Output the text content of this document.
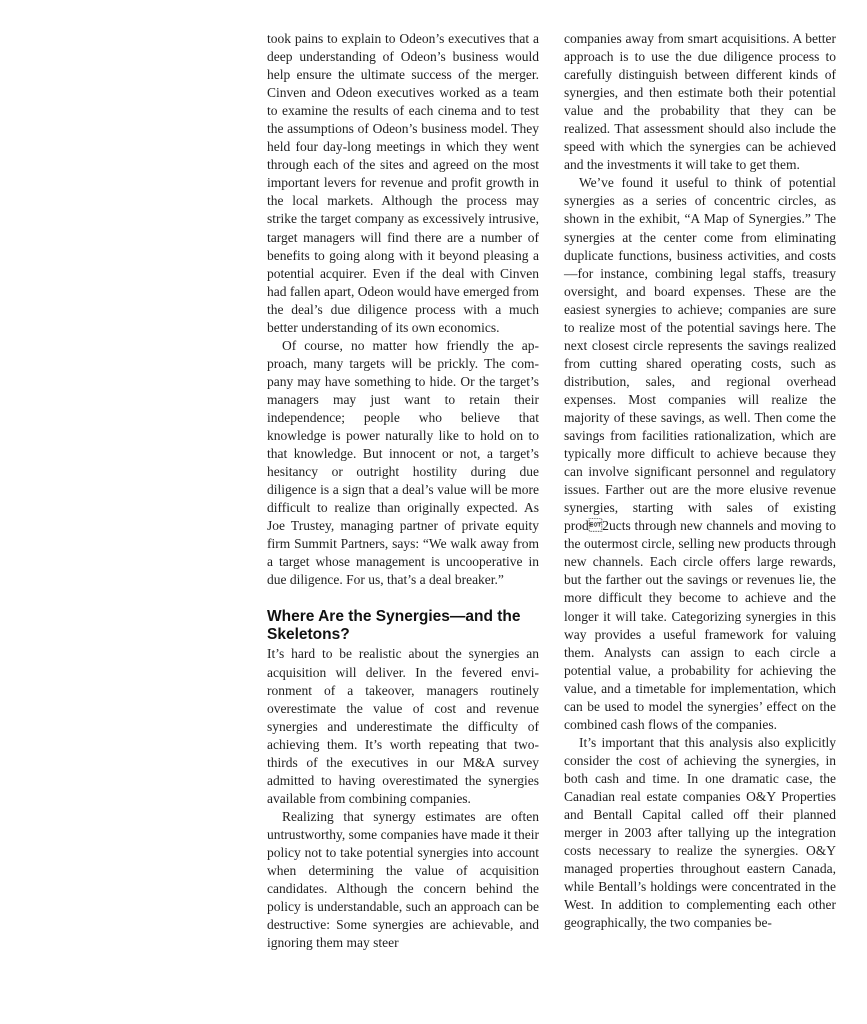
took pains to explain to Odeon’s executives that a deep understanding of Odeon’s business would help ensure the ultimate success of the merger. Cinven and Odeon executives worked as a team to examine the results of each cinema and to test the assumptions of Odeon’s business model. They held four day-long meetings in which they went through each of the sites and agreed on the most important levers for revenue and profit growth in the local markets. Although the process may strike the target company as excessively intrusive, target managers will find there are a number of benefits to going along with it beyond pleasing a potential acquirer. Even if the deal with Cinven had fallen apart, Odeon would have emerged from the deal’s due diligence process with a much better understanding of its own economics.

Of course, no matter how friendly the approach, many targets will be prickly. The company may have something to hide. Or the target’s managers may just want to retain their independence; people who believe that knowledge is power naturally like to hold on to that knowledge. But innocent or not, a target’s hesitancy or outright hostility during due diligence is a sign that a deal’s value will be more difficult to realize than originally expected. As Joe Trustey, managing partner of private equity firm Summit Partners, says: “We walk away from a target whose management is uncooperative in due diligence. For us, that’s a deal breaker.”

Where Are the Synergies—and the Skeletons?

It’s hard to be realistic about the synergies an acquisition will deliver. In the fevered environment of a takeover, managers routinely overestimate the value of cost and revenue synergies and underestimate the difficulty of achieving them. It’s worth repeating that two-thirds of the executives in our M&A survey admitted to having overestimated the synergies available from combining companies.

Realizing that synergy estimates are often untrustworthy, some companies have made it their policy not to take potential synergies into account when determining the value of acquisition candidates. Although the concern behind the policy is understandable, such an approach can be destructive: Some synergies are achievable, and ignoring them may steer

companies away from smart acquisitions. A better approach is to use the due diligence process to carefully distinguish between different kinds of synergies, and then estimate both their potential value and the probability that they can be realized. That assessment should also include the speed with which the synergies can be achieved and the investments it will take to get them.

We’ve found it useful to think of potential synergies as a series of concentric circles, as shown in the exhibit, “A Map of Synergies.” The synergies at the center come from eliminating duplicate functions, business activities, and costs—for instance, combining legal staffs, treasury oversight, and board expenses. These are the easiest synergies to achieve; companies are sure to realize most of the potential savings here. The next closest circle represents the savings realized from cutting shared operating costs, such as distribution, sales, and regional overhead expenses. Most companies will realize the majority of these savings, as well. Then come the savings from facilities rationalization, which are typically more difficult to achieve because they can involve significant personnel and regulatory issues. Farther out are the more elusive revenue synergies, starting with sales of existing prod2ucts through new channels and moving to the outermost circle, selling new products through new channels. Each circle offers large rewards, but the farther out the savings or revenues lie, the more difficult they become to achieve and the longer it will take. Categorizing synergies in this way provides a useful framework for valuing them. Analysts can assign to each circle a potential value, a probability for achieving the value, and a timetable for implementation, which can be used to model the synergies’ effect on the combined cash flows of the companies.

It’s important that this analysis also explicitly consider the cost of achieving the synergies, in both cash and time. In one dramatic case, the Canadian real estate companies O&Y Properties and Bentall Capital called off their planned merger in 2003 after tallying up the integration costs necessary to realize the synergies. O&Y managed properties throughout eastern Canada, while Bentall’s holdings were concentrated in the West. In addition to complementing each other geographically, the two companies be-
